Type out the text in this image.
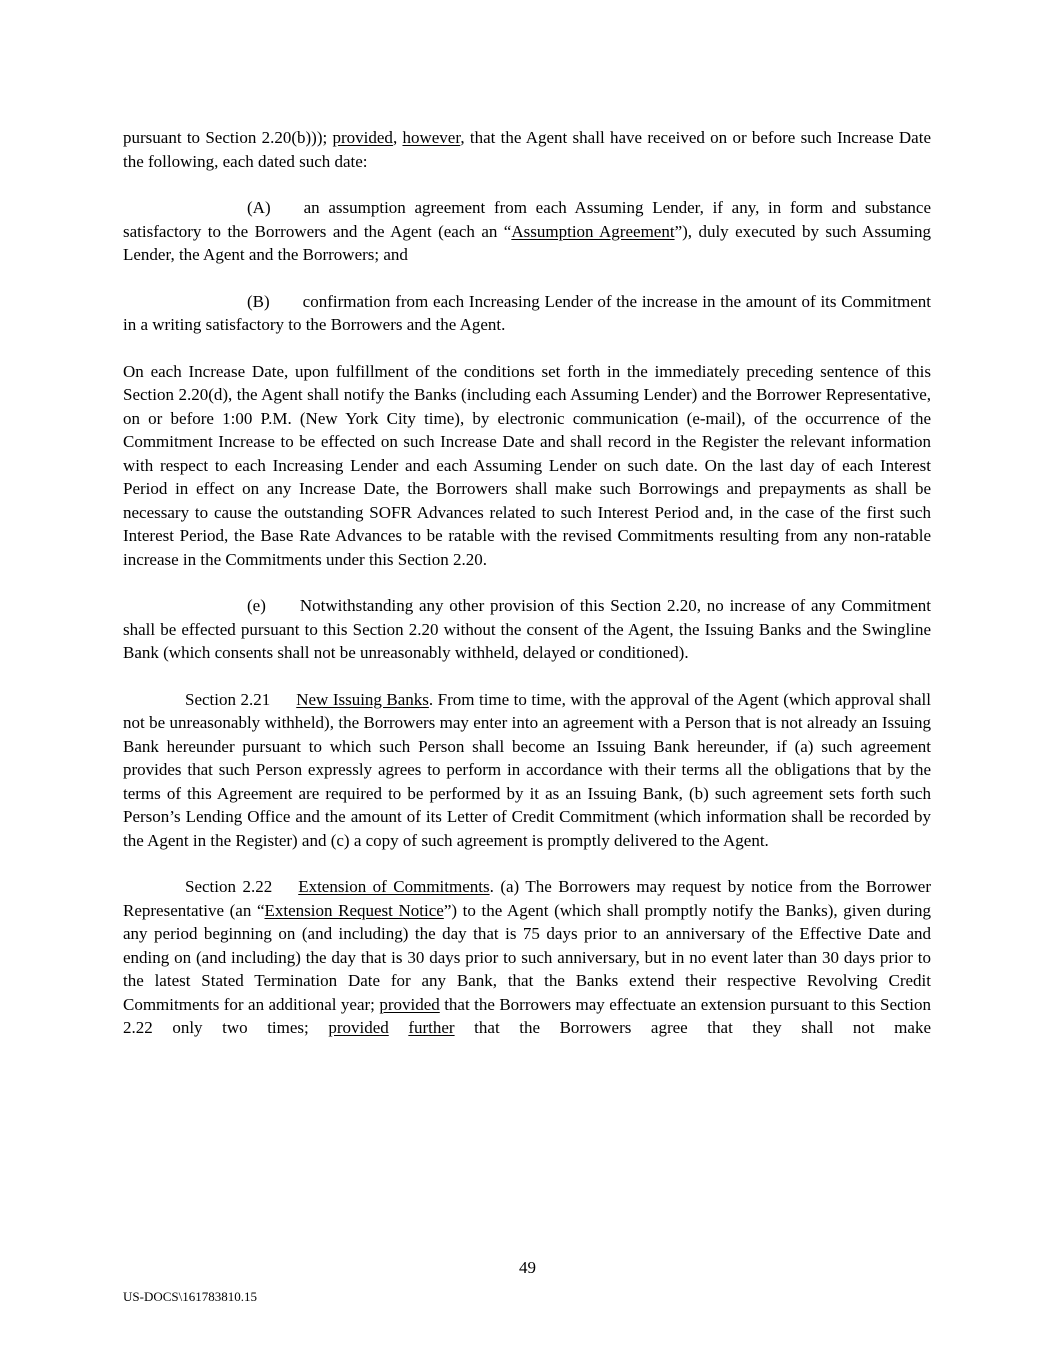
pursuant to Section 2.20(b))); provided, however, that the Agent shall have received on or before such Increase Date the following, each dated such date:

(A) an assumption agreement from each Assuming Lender, if any, in form and substance satisfactory to the Borrowers and the Agent (each an “Assumption Agreement”), duly executed by such Assuming Lender, the Agent and the Borrowers; and

(B) confirmation from each Increasing Lender of the increase in the amount of its Commitment in a writing satisfactory to the Borrowers and the Agent.

On each Increase Date, upon fulfillment of the conditions set forth in the immediately preceding sentence of this Section 2.20(d), the Agent shall notify the Banks (including each Assuming Lender) and the Borrower Representative, on or before 1:00 P.M. (New York City time), by electronic communication (e-mail), of the occurrence of the Commitment Increase to be effected on such Increase Date and shall record in the Register the relevant information with respect to each Increasing Lender and each Assuming Lender on such date. On the last day of each Interest Period in effect on any Increase Date, the Borrowers shall make such Borrowings and prepayments as shall be necessary to cause the outstanding SOFR Advances related to such Interest Period and, in the case of the first such Interest Period, the Base Rate Advances to be ratable with the revised Commitments resulting from any non-ratable increase in the Commitments under this Section 2.20.

(e) Notwithstanding any other provision of this Section 2.20, no increase of any Commitment shall be effected pursuant to this Section 2.20 without the consent of the Agent, the Issuing Banks and the Swingline Bank (which consents shall not be unreasonably withheld, delayed or conditioned).

Section 2.21 New Issuing Banks. From time to time, with the approval of the Agent (which approval shall not be unreasonably withheld), the Borrowers may enter into an agreement with a Person that is not already an Issuing Bank hereunder pursuant to which such Person shall become an Issuing Bank hereunder, if (a) such agreement provides that such Person expressly agrees to perform in accordance with their terms all the obligations that by the terms of this Agreement are required to be performed by it as an Issuing Bank, (b) such agreement sets forth such Person’s Lending Office and the amount of its Letter of Credit Commitment (which information shall be recorded by the Agent in the Register) and (c) a copy of such agreement is promptly delivered to the Agent.

Section 2.22 Extension of Commitments. (a) The Borrowers may request by notice from the Borrower Representative (an “Extension Request Notice”) to the Agent (which shall promptly notify the Banks), given during any period beginning on (and including) the day that is 75 days prior to an anniversary of the Effective Date and ending on (and including) the day that is 30 days prior to such anniversary, but in no event later than 30 days prior to the latest Stated Termination Date for any Bank, that the Banks extend their respective Revolving Credit Commitments for an additional year; provided that the Borrowers may effectuate an extension pursuant to this Section 2.22 only two times; provided further that the Borrowers agree that they shall not make

49
US-DOCS\161783810.15
